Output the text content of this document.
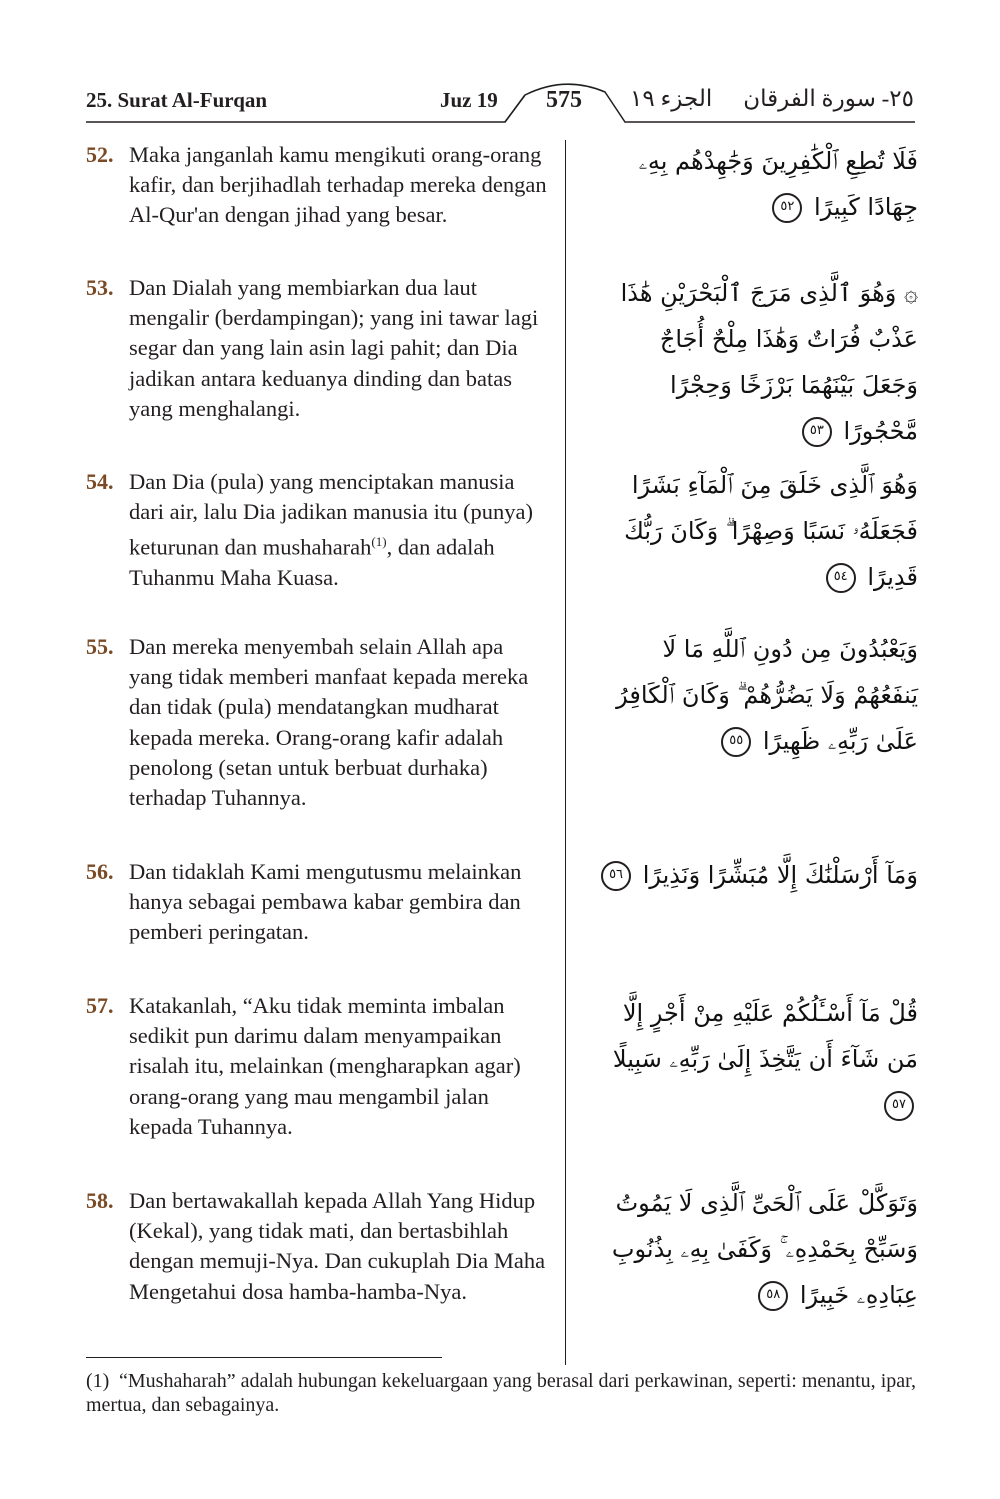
25. Surat Al-Furqan	Juz 19	575	الجزء ١٩ ٢٥- سورة الفرقان
52. Maka janganlah kamu mengikuti orang-orang kafir, dan berjihadlah terhadap mereka dengan Al-Qur'an dengan jihad yang besar.
فَلَا تُطِعِ ٱلْكَٰفِرِينَ وَجَٰهِدْهُم بِهِۦ جِهَادًا كَبِيرًا ٥٢
53. Dan Dialah yang membiarkan dua laut mengalir (berdampingan); yang ini tawar lagi segar dan yang lain asin lagi pahit; dan Dia jadikan antara keduanya dinding dan batas yang menghalangi.
۞ وَهُوَ ٱلَّذِى مَرَجَ ٱلْبَحْرَيْنِ هَٰذَا عَذْبٌ فُرَاتٌ وَهَٰذَا مِلْحٌ أُجَاجٌ وَجَعَلَ بَيْنَهُمَا بَرْزَخًا وَحِجْرًا مَّحْجُورًا ٥٣
54. Dan Dia (pula) yang menciptakan manusia dari air, lalu Dia jadikan manusia itu (punya) keturunan dan mushaharah$^{(1)}$, dan adalah Tuhanmu Maha Kuasa.
وَهُوَ ٱلَّذِى خَلَقَ مِنَ ٱلْمَآءِ بَشَرًا فَجَعَلَهُۥ نَسَبًا وَصِهْرًا ۗ وَكَانَ رَبُّكَ قَدِيرًا ٥٤
55. Dan mereka menyembah selain Allah apa yang tidak memberi manfaat kepada mereka dan tidak (pula) mendatangkan mudharat kepada mereka. Orang-orang kafir adalah penolong (setan untuk berbuat durhaka) terhadap Tuhannya.
وَيَعْبُدُونَ مِن دُونِ ٱللَّهِ مَا لَا يَنفَعُهُمْ وَلَا يَضُرُّهُمْ ۗ وَكَانَ ٱلْكَافِرُ عَلَىٰ رَبِّهِۦ ظَهِيرًا ٥٥
56. Dan tidaklah Kami mengutusmu melainkan hanya sebagai pembawa kabar gembira dan pemberi peringatan.
وَمَآ أَرْسَلْنَٰكَ إِلَّا مُبَشِّرًا وَنَذِيرًا ٥٦
57. Katakanlah, “Aku tidak meminta imbalan sedikit pun darimu dalam menyampaikan risalah itu, melainkan (mengharapkan agar) orang-orang yang mau mengambil jalan kepada Tuhannya.
قُلْ مَآ أَسْـَٔلُكُمْ عَلَيْهِ مِنْ أَجْرٍ إِلَّا مَن شَآءَ أَن يَتَّخِذَ إِلَىٰ رَبِّهِۦ سَبِيلًا ٥٧
58. Dan bertawakallah kepada Allah Yang Hidup (Kekal), yang tidak mati, dan bertasbihlah dengan memuji-Nya. Dan cukuplah Dia Maha Mengetahui dosa hamba-hamba-Nya.
وَتَوَكَّلْ عَلَى ٱلْحَىِّ ٱلَّذِى لَا يَمُوتُ وَسَبِّحْ بِحَمْدِهِۦ ۚ وَكَفَىٰ بِهِۦ بِذُنُوبِ عِبَادِهِۦ خَبِيرًا ٥٨
(1) “Mushaharah” adalah hubungan kekeluargaan yang berasal dari perkawinan, seperti: menantu, ipar, mertua, dan sebagainya.
